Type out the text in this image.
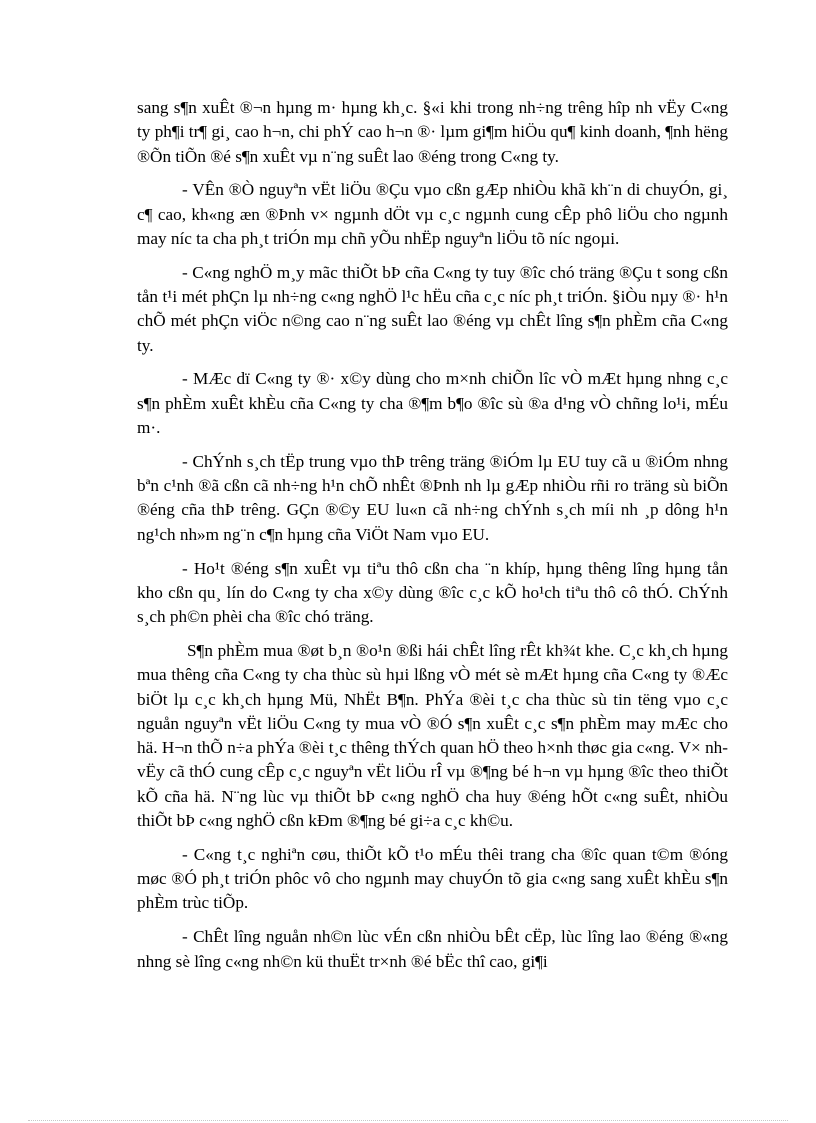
sang s¶n xuÊt ®¬n hµng m· hµng kh¸c. §«i khi trong nh÷ng trêng hîp nh vËy C«ng ty ph¶i tr¶ gi¸ cao h¬n, chi phÝ cao h¬n ®· lµm gi¶m hiÖu qu¶ kinh doanh, ¶nh hëng ®Õn tiÕn ®é s¶n xuÊt vµ n¨ng suÊt lao ®éng trong C«ng ty.

- VÊn ®Ò nguyªn vËt liÖu ®Çu vµo cßn gÆp nhiÒu khã kh¨n di chuyÓn, gi¸ c¶ cao, kh«ng æn ®Þnh v× ngµnh dÖt vµ c¸c ngµnh cung cÊp phô liÖu cho ngµnh may níc ta cha ph¸t triÓn mµ chñ yÕu nhËp nguyªn liÖu tõ níc ngoµi.

- C«ng nghÖ m¸y mãc thiÕt bÞ cña C«ng ty tuy ®îc chó träng ®Çu t song cßn tån t¹i mét phÇn lµ nh÷ng c«ng nghÖ l¹c hËu cña c¸c níc ph¸t triÓn. §iÒu nµy ®· h¹n chÕ mét phÇn viÖc n©ng cao n¨ng suÊt lao ®éng vµ chÊt lîng s¶n phÈm cña C«ng ty.

- MÆc dï C«ng ty ®· x©y dùng cho m×nh chiÕn lîc vÒ mÆt hµng nhng c¸c s¶n phÈm xuÊt khÈu cña C«ng ty cha ®¶m b¶o ®îc sù ®a d¹ng vÒ chñng lo¹i, mÉu m·.

- ChÝnh s¸ch tËp trung vµo thÞ trêng träng ®iÓm lµ EU tuy cã u ®iÓm nhng bªn c¹nh ®ã cßn cã nh÷ng h¹n chÕ nhÊt ®Þnh nh lµ gÆp nhiÒu rñi ro träng sù biÕn ®éng cña thÞ trêng. GÇn ®©y EU lu«n cã nh÷ng chÝnh s¸ch míi nh ¸p dông h¹n ng¹ch nh»m ng¨n c¶n hµng cña ViÖt Nam vµo EU.

- Ho¹t ®éng s¶n xuÊt vµ tiªu thô cßn cha ¨n khíp, hµng thêng lîng hµng tån kho cßn qu¸ lín do C«ng ty cha x©y dùng ®îc c¸c kÕ ho¹ch tiªu thô cô thÓ. ChÝnh s¸ch ph©n phèi cha ®îc chó träng.

S¶n phÈm mua ®øt b¸n ®o¹n ®ßi hái chÊt lîng rÊt kh¾t khe. C¸c kh¸ch hµng mua thêng cña C«ng ty cha thùc sù hµi lßng vÒ mét sè mÆt hµng cña C«ng ty ®Æc biÖt lµ c¸c kh¸ch hµng Mü, NhËt B¶n. PhÝa ®èi t¸c cha thùc sù tin tëng vµo c¸c nguån nguyªn vËt liÖu C«ng ty mua vÒ ®Ó s¶n xuÊt c¸c s¶n phÈm may mÆc cho hä. H¬n thÕ n÷a phÝa ®èi t¸c thêng thÝch quan hÖ theo h×nh thøc gia c«ng. V× nh vËy cã thÓ cung cÊp c¸c nguyªn vËt liÖu rÎ vµ ®¶ng bé h¬n vµ hµng ®îc theo thiÕt kÕ cña hä. N¨ng lùc vµ thiÕt bÞ c«ng nghÖ cha huy ®éng hÕt c«ng suÊt, nhiÒu thiÕt bÞ c«ng nghÖ cßn kÐm ®¶ng bé gi÷a c¸c kh©u.

- C«ng t¸c nghiªn cøu, thiÕt kÕ t¹o mÉu thêi trang cha ®îc quan t©m ®óng møc ®Ó ph¸t triÓn phôc vô cho ngµnh may chuyÓn tõ gia c«ng sang xuÊt khÈu s¶n phÈm trùc tiÕp.

- ChÊt lîng nguån nh©n lùc vÉn cßn nhiÒu bÊt cËp, lùc lîng lao ®éng ®«ng nhng sè lîng c«ng nh©n kü thuËt tr×nh ®é bËc thî cao, gi¶i
